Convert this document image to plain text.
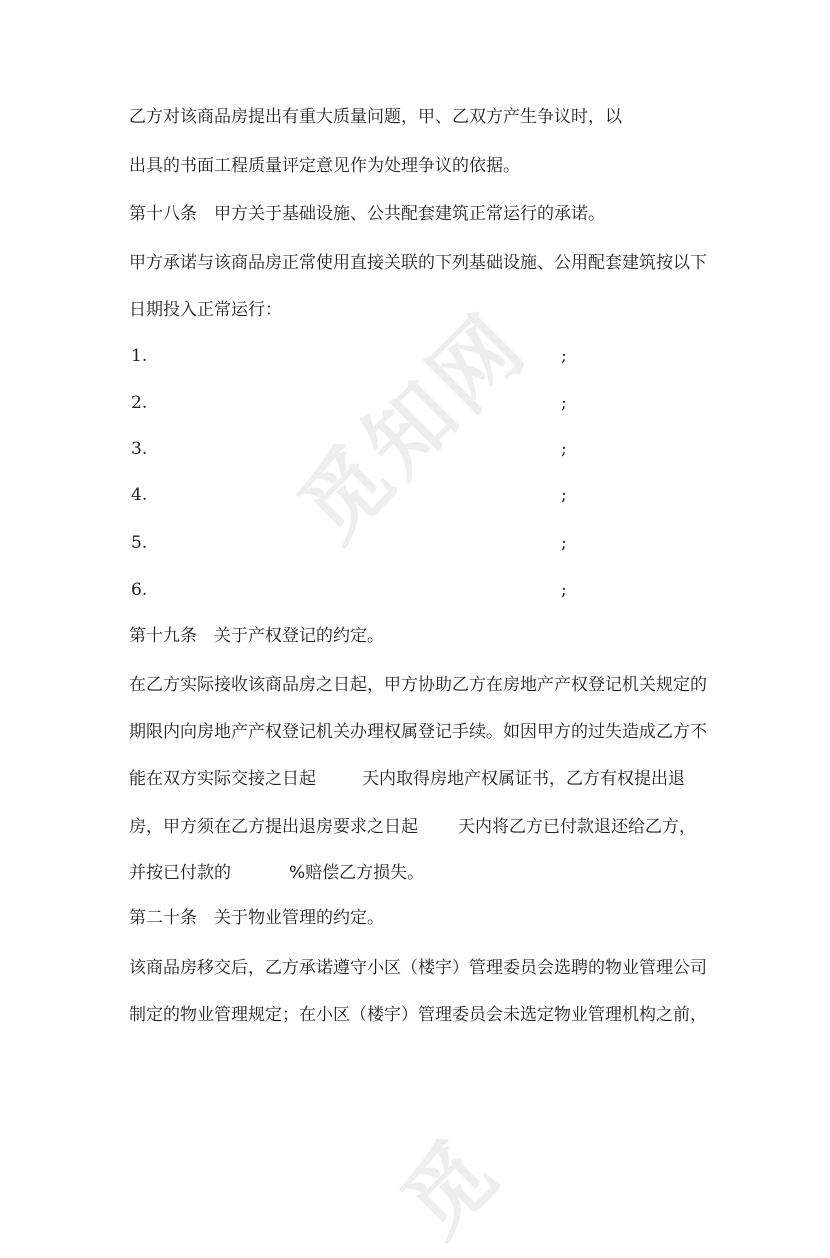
觅知网
乙方对该商品房提出有重大质量问题，甲、乙双方产生争议时，以
出具的书面工程质量评定意见作为处理争议的依据。
第十八条　甲方关于基础设施、公共配套建筑正常运行的承诺。
甲方承诺与该商品房正常使用直接关联的下列基础设施、公用配套建筑按以下
日期投入正常运行：
1.	;
2.	;
3.	;
4.	;
5.	;
6.	;
第十九条　关于产权登记的约定。
在乙方实际接收该商品房之日起，甲方协助乙方在房地产产权登记机关规定的
期限内向房地产产权登记机关办理权属登记手续。如因甲方的过失造成乙方不
能在双方实际交接之日起	天内取得房地产权属证书，乙方有权提出退
房，甲方须在乙方提出退房要求之日起 天内将乙方已付款退还给乙方，
并按已付款的	%赔偿乙方损失。
第二十条　关于物业管理的约定。
该商品房移交后，乙方承诺遵守小区（楼宇）管理委员会选聘的物业管理公司
制定的物业管理规定；在小区（楼宇）管理委员会未选定物业管理机构之前，
觅
